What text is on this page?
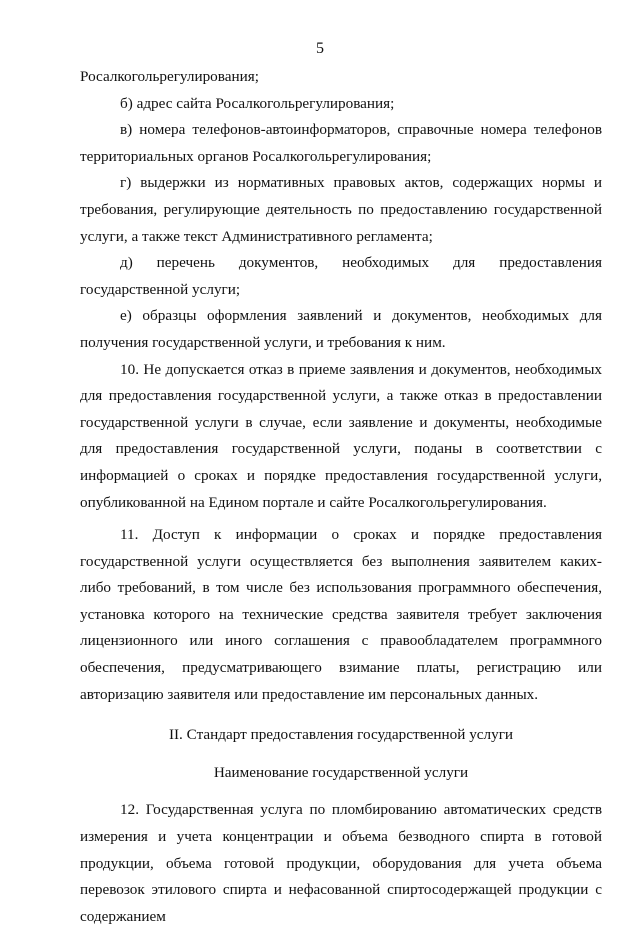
5

Росалкогольрегулирования;

б) адрес сайта Росалкогольрегулирования;

в) номера телефонов-автоинформаторов, справочные номера телефонов территориальных органов Росалкогольрегулирования;

г) выдержки из нормативных правовых актов, содержащих нормы и требования, регулирующие деятельность по предоставлению государственной услуги, а также текст Административного регламента;

д) перечень документов, необходимых для предоставления государственной услуги;

е) образцы оформления заявлений и документов, необходимых для получения государственной услуги, и требования к ним.

10. Не допускается отказ в приеме заявления и документов, необходимых для предоставления государственной услуги, а также отказ в предоставлении государственной услуги в случае, если заявление и документы, необходимые для предоставления государственной услуги, поданы в соответствии с информацией о сроках и порядке предоставления государственной услуги, опубликованной на Едином портале и сайте Росалкогольрегулирования.

11. Доступ к информации о сроках и порядке предоставления государственной услуги осуществляется без выполнения заявителем каких-либо требований, в том числе без использования программного обеспечения, установка которого на технические средства заявителя требует заключения лицензионного или иного соглашения с правообладателем программного обеспечения, предусматривающего взимание платы, регистрацию или авторизацию заявителя или предоставление им персональных данных.

II. Стандарт предоставления государственной услуги
Наименование государственной услуги

12. Государственная услуга по пломбированию автоматических средств измерения и учета концентрации и объема безводного спирта в готовой продукции, объема готовой продукции, оборудования для учета объема перевозок этилового спирта и нефасованной спиртосодержащей продукции с содержанием
